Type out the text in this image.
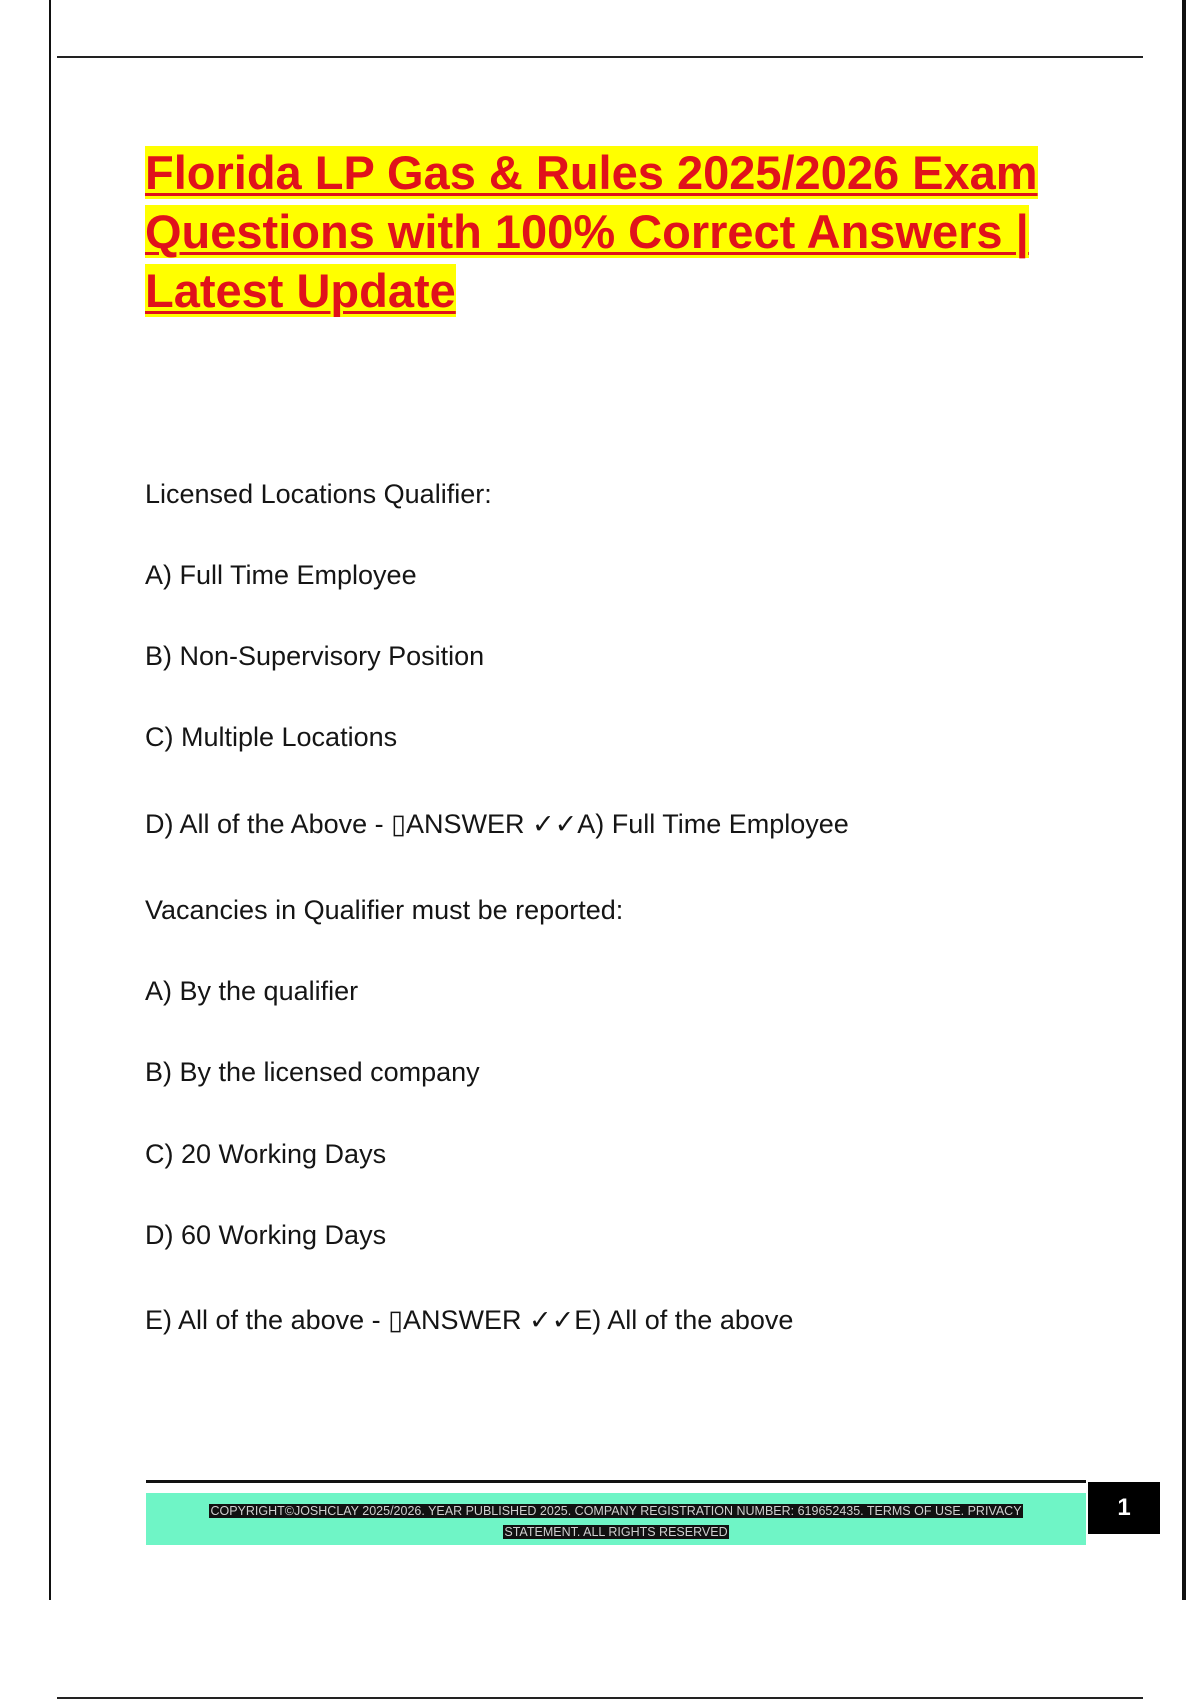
Florida LP Gas & Rules 2025/2026 Exam Questions with 100% Correct Answers | Latest Update

Licensed Locations Qualifier:

A) Full Time Employee

B) Non-Supervisory Position

C) Multiple Locations

D) All of the Above - ▯ANSWER ✓✓A) Full Time Employee

Vacancies in Qualifier must be reported:

A) By the qualifier

B) By the licensed company

C) 20 Working Days

D) 60 Working Days

E) All of the above - ▯ANSWER ✓✓E) All of the above

COPYRIGHT©JOSHCLAY 2025/2026. YEAR PUBLISHED 2025. COMPANY REGISTRATION NUMBER: 619652435. TERMS OF USE. PRIVACY
STATEMENT. ALL RIGHTS RESERVED
1
